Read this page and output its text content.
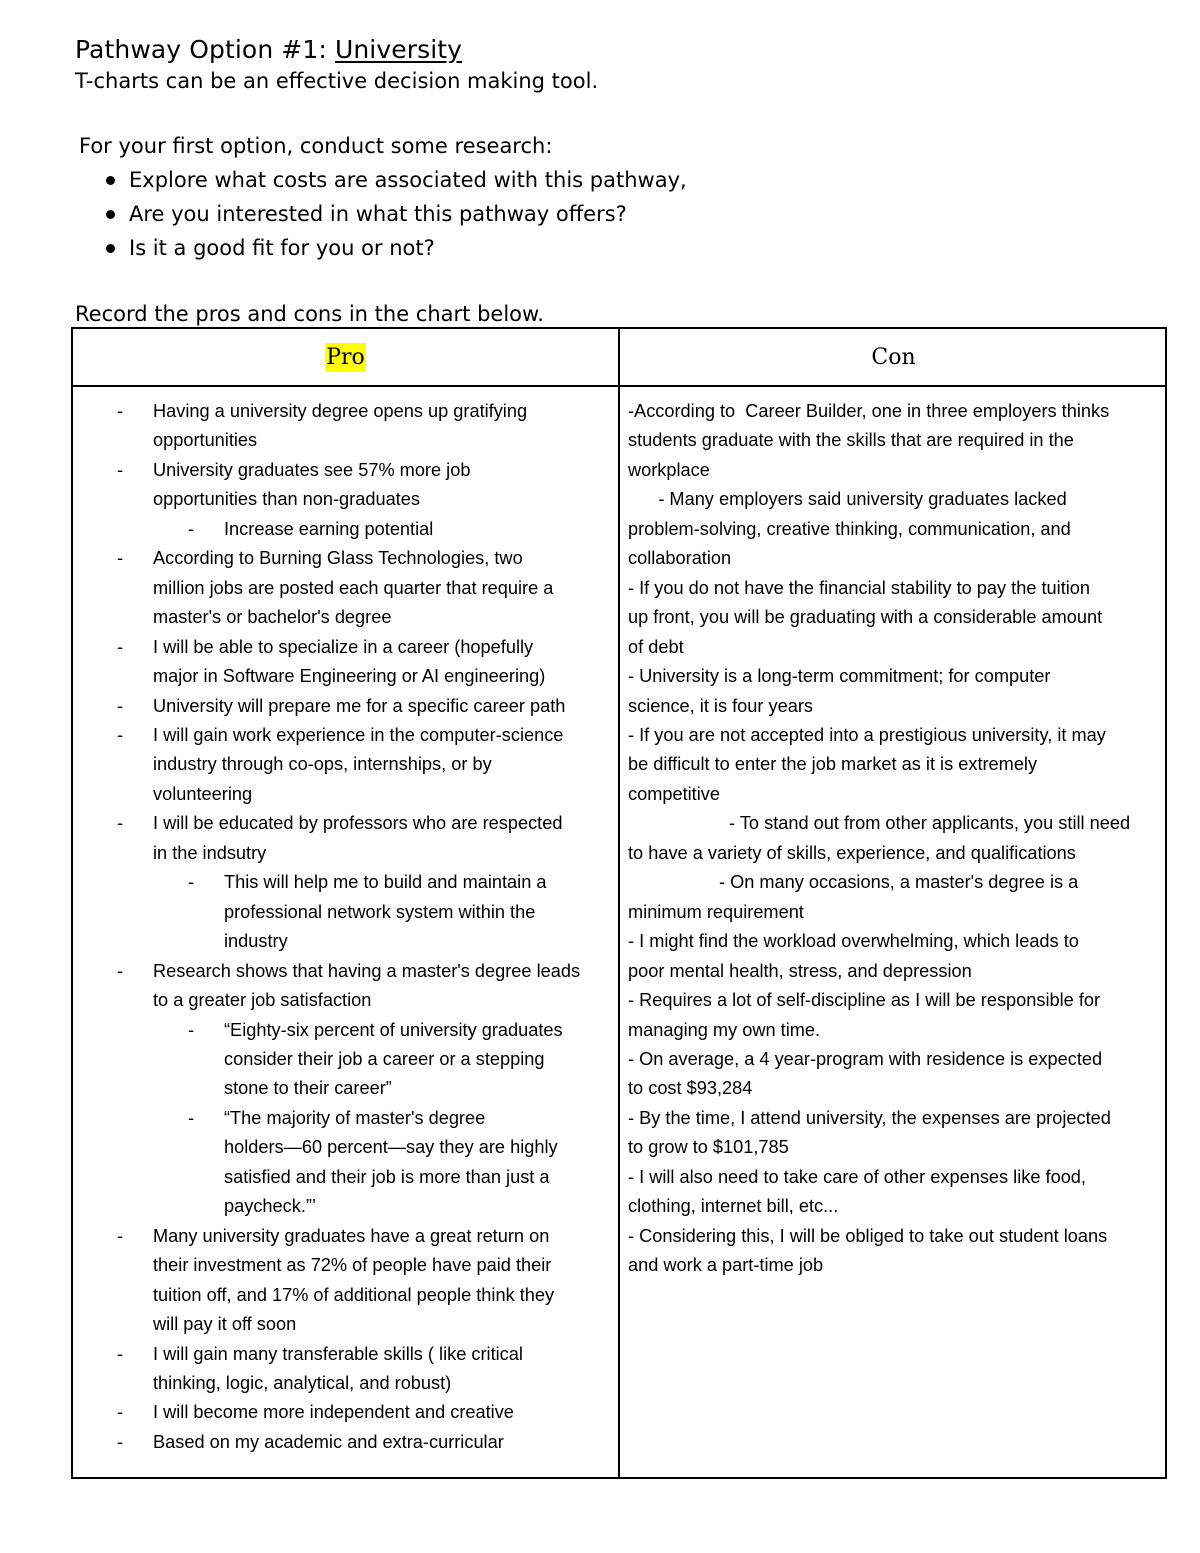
Pathway Option #1: University
T-charts can be an effective decision making tool.
For your first option, conduct some research:
Explore what costs are associated with this pathway,
Are you interested in what this pathway offers?
Is it a good fit for you or not?
Record the pros and cons in the chart below.
Pro	Con
- Having a university degree opens up gratifying
opportunities
- University graduates see 57% more job
opportunities than non-graduates
- Increase earning potential
- According to Burning Glass Technologies, two
million jobs are posted each quarter that require a
master's or bachelor's degree
- I will be able to specialize in a career (hopefully
major in Software Engineering or AI engineering)
- University will prepare me for a specific career path
- I will gain work experience in the computer-science
industry through co-ops, internships, or by
volunteering
- I will be educated by professors who are respected
in the indsutry
- This will help me to build and maintain a
professional network system within the
industry
- Research shows that having a master's degree leads
to a greater job satisfaction
- “Eighty-six percent of university graduates
consider their job a career or a stepping
stone to their career”
- “The majority of master's degree
holders—60 percent—say they are highly
satisfied and their job is more than just a
paycheck.”’
- Many university graduates have a great return on
their investment as 72% of people have paid their
tuition off, and 17% of additional people think they
will pay it off soon
- I will gain many transferable skills ( like critical
thinking, logic, analytical, and robust)
- I will become more independent and creative
- Based on my academic and extra-curricular
-According to  Career Builder, one in three employers thinks
students graduate with the skills that are required in the
workplace
- Many employers said university graduates lacked
problem-solving, creative thinking, communication, and
collaboration
- If you do not have the financial stability to pay the tuition
up front, you will be graduating with a considerable amount
of debt
- University is a long-term commitment; for computer
science, it is four years
- If you are not accepted into a prestigious university, it may
be difficult to enter the job market as it is extremely
competitive
- To stand out from other applicants, you still need
to have a variety of skills, experience, and qualifications
- On many occasions, a master's degree is a
minimum requirement
- I might find the workload overwhelming, which leads to
poor mental health, stress, and depression
- Requires a lot of self-discipline as I will be responsible for
managing my own time.
- On average, a 4 year-program with residence is expected
to cost $93,284
- By the time, I attend university, the expenses are projected
to grow to $101,785
- I will also need to take care of other expenses like food,
clothing, internet bill, etc...
- Considering this, I will be obliged to take out student loans
and work a part-time job
